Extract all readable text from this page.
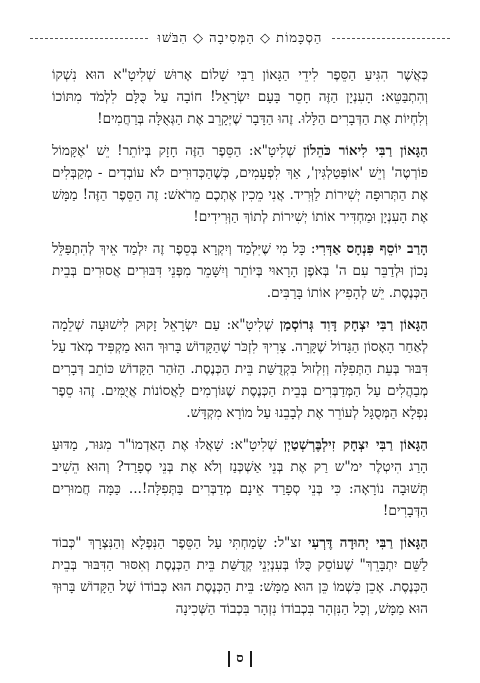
הַסְכָּמוֹת ◇ הַמְּסִיבָה ◇ הִבֹּשׁוּ

כְּאֲשֶׁר הִגִּיעַ הַסֵּפֶר לִידֵי הַגָּאוֹן רַבִּי שָׁלוֹם אָרוּשׁ שְׁלִיטָ"א הוּא נִשְׁקוֹ וְהִתְבַּטֵּא: הָעִנְיָן הַזֶּה חָסֵר בָּעָם יִשְׂרָאֵל! חוֹבָה עַל כֻּלָּם לִלְמֹד מִתּוֹכוֹ וְלִחְיוֹת אֶת הַדְּבָרִים הַלָּלוּ. זֶהוּ הַדָּבָר שֶׁיְּקָרֵב אֶת הַגְּאֻלָּה בְּרַחֲמִים!

הַגָּאוֹן רַבִּי לִיאוֹר כֹּהֵלוֹן שְׁלִיטָ"א: הַסֵּפֶר הַזֶּה חָזָק בְּיוֹתֵר! יֵשׁ 'אֶקָּמוֹל פוֹרְטֶה' וְיֵשׁ 'אוֹפְּטַלְגִּין', אַךְ לִפְעָמִים, כְּשֶׁהַכְּדוּרִים לֹא עוֹבְדִים - מְקַבְּלִים אֶת הַתְּרוּפָה יְשִׁירוֹת לַוְּרִיד. אֲנִי מֵכִין אֶתְכֶם מֵרֹאשׁ: זֶה הַסֵּפֶר הַזֶּה! מַמָּשׁ אֶת הָעִנְיָן וּמַחְדִּיר אוֹתוֹ יְשִׁירוֹת לְתוֹךְ הַוְּרִידִים!

הָרַב יוֹסֵף פִּנְחָס אַדְּרִי: כָּל מִי שֶׁיִּלְמַד וְיִקְרָא בְּסֵפֶר זֶה יִלְמַד אֵיךְ לְהִתְפַּלֵּל נָכוֹן וּלְדַבֵּר עִם ה' בְּאֹפֶן הָרָאוּי בְּיוֹתֵר וְיִשָּׁמֵר מִפְּנֵי דִּבּוּרִים אֲסוּרִים בְּבֵית הַכְּנֶסֶת. יֵשׁ לְהָפִיץ אוֹתוֹ בָּרַבִּים.

הַגָּאוֹן רַבִּי יִצְחָק דָּוִד גְּרוֹסְמַן שְׁלִיטָ"א: עַם יִשְׂרָאֵל זָקוּק לִישׁוּעָה שְׁלֵמָה לְאַחַר הָאָסוֹן הַגָּדוֹל שֶׁקָּרָה. צָרִיךְ לִזְכֹּר שֶׁהַקָּדוֹשׁ בָּרוּךְ הוּא מַקְפִּיד מְאֹד עַל דִּבּוּר בְּעֵת הַתְּפִלָּה וְזִלְזוּל בִּקְדֻשַּׁת בֵּית הַכְּנֶסֶת. הַזֹּהַר הַקָּדוֹשׁ כּוֹתֵב דְּבָרִים מְבַהֲלִים עַל הַמְּדַבְּרִים בְּבֵית הַכְּנֶסֶת שֶׁגּוֹרְמִים לַאֲסוֹנוֹת אֲיֻמִּים. זֶהוּ סֵפֶר נִפְלָא הַמְּסֻגָּל לְעוֹרֵר אֶת לְבָבֵנוּ עַל מוֹרָא מִקְדָּשׁ.

הַגָּאוֹן רַבִּי יִצְחָק זִילְבֶּרְשְׁטַיְן שְׁלִיטָ"א: שָׁאֲלוּ אֶת הָאַדְמוֹ"ר מִגּוּר, מַדּוּעַ הָרַג הִיטְלֶר ימ"ש רַק אֶת בְּנֵי אַשְׁכְּנַז וְלֹא אֶת בְּנֵי סְפָרַד? וְהוּא הֵשִׁיב תְּשׁוּבָה נוֹרָאָה: כִּי בְּנֵי סְפָרַד אֵינָם מְדַבְּרִים בַּתְּפִלָּה!... כַּמָּה חֲמוּרִים הַדְּבָרִים!

הַגָּאוֹן רַבִּי יְהוּדָה דֶּרְעִי זצ"ל: שָׂמַחְתִּי עַל הַסֵּפֶר הַנִּפְלָא וְהַנִּצְרָךְ "כְּבוֹד לַשֵּׁם יִתְבָּרֵךְ" שֶׁעוֹסֵק כֻּלּוֹ בְּעִנְיְנֵי קְדֻשַּׁת בֵּית הַכְּנֶסֶת וְאִסּוּר הַדִּבּוּר בְּבֵית הַכְּנֶסֶת. אָכֵן כִּשְׁמוֹ כֵּן הוּא מַמָּשׁ: בֵּית הַכְּנֶסֶת הוּא כְּבוֹדוֹ שֶׁל הַקָּדוֹשׁ בָּרוּךְ הוּא מַמָּשׁ, וְכָל הַנִּזְהָר בִּכְבוֹדוֹ נִזְהָר בִּכְבוֹד הַשְּׁכִינָה

ס
